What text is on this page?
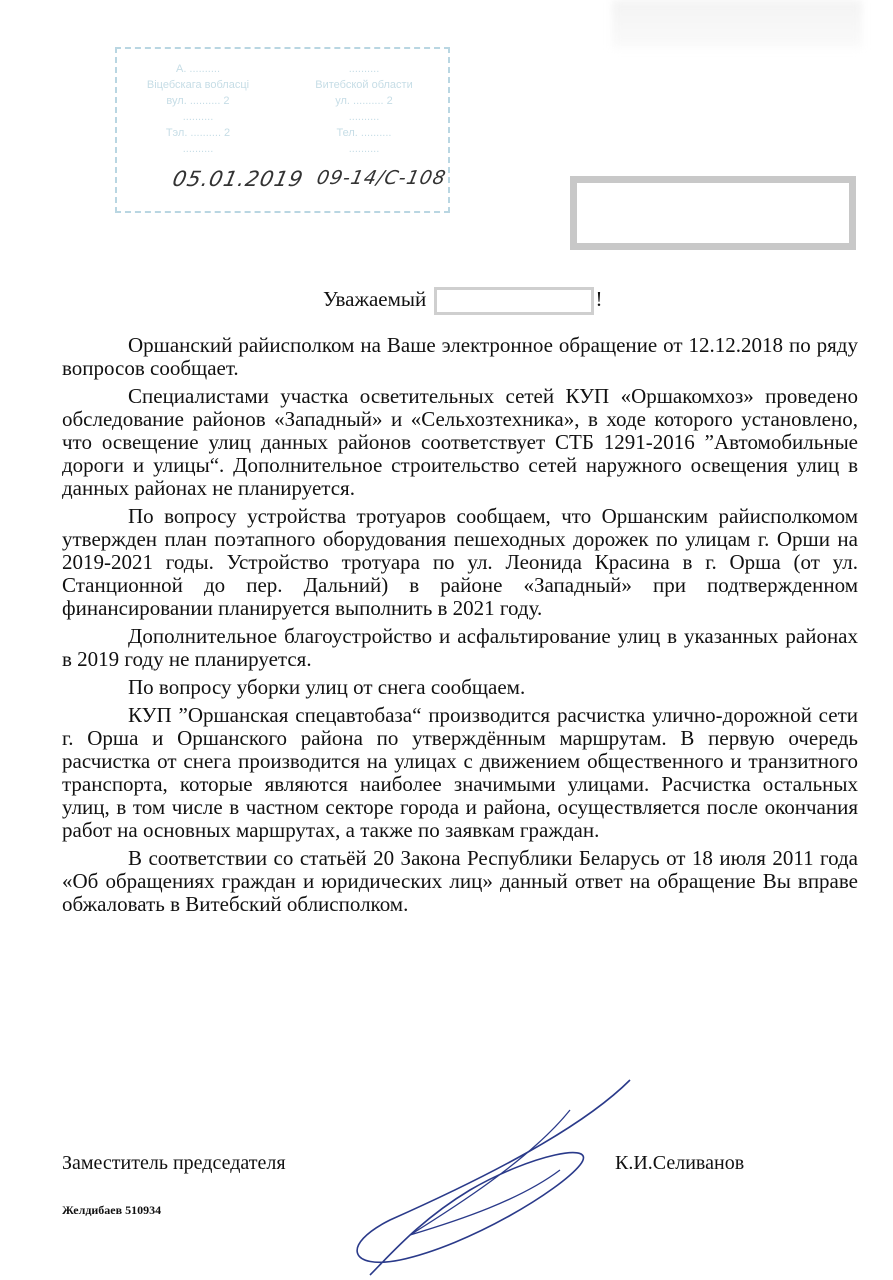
А. ..........
Віцебскага вобласці
вул. .......... 2
..........
Тэл. .......... 2
..........
..........
Витебской области
ул. .......... 2
..........
Тел. ..........
..........
05.01.2019 09-14/С-108
Уважаемый	!

Оршанский райисполком на Ваше электронное обращение от 12.12.2018 по ряду вопросов сообщает.

Специалистами участка осветительных сетей КУП «Оршакомхоз» проведено обследование районов «Западный» и «Сельхозтехника», в ходе которого установлено, что освещение улиц данных районов соответствует СТБ 1291-2016 ”Автомобильные дороги и улицы“. Дополнительное строительство сетей наружного освещения улиц в данных районах не планируется.

По вопросу устройства тротуаров сообщаем, что Оршанским райисполкомом утвержден план поэтапного оборудования пешеходных дорожек по улицам г. Орши на 2019-2021 годы. Устройство тротуара по ул. Леонида Красина в г. Орша (от ул. Станционной до пер. Дальний) в районе «Западный» при подтвержденном финансировании планируется выполнить в 2021 году.

Дополнительное благоустройство и асфальтирование улиц в указанных районах в 2019 году не планируется.

По вопросу уборки улиц от снега сообщаем.

КУП ”Оршанская спецавтобаза“ производится расчистка улично-дорожной сети г. Орша и Оршанского района по утверждённым маршрутам. В первую очередь расчистка от снега производится на улицах с движением общественного и транзитного транспорта, которые являются наиболее значимыми улицами. Расчистка остальных улиц, в том числе в частном секторе города и района, осуществляется после окончания работ на основных маршрутах, а также по заявкам граждан.

В соответствии со статьёй 20 Закона Республики Беларусь от 18 июля 2011 года «Об обращениях граждан и юридических лиц» данный ответ на обращение Вы вправе обжаловать в Витебский облисполком.

Заместитель председателя	К.И.Селиванов
Желдибаев 510934
